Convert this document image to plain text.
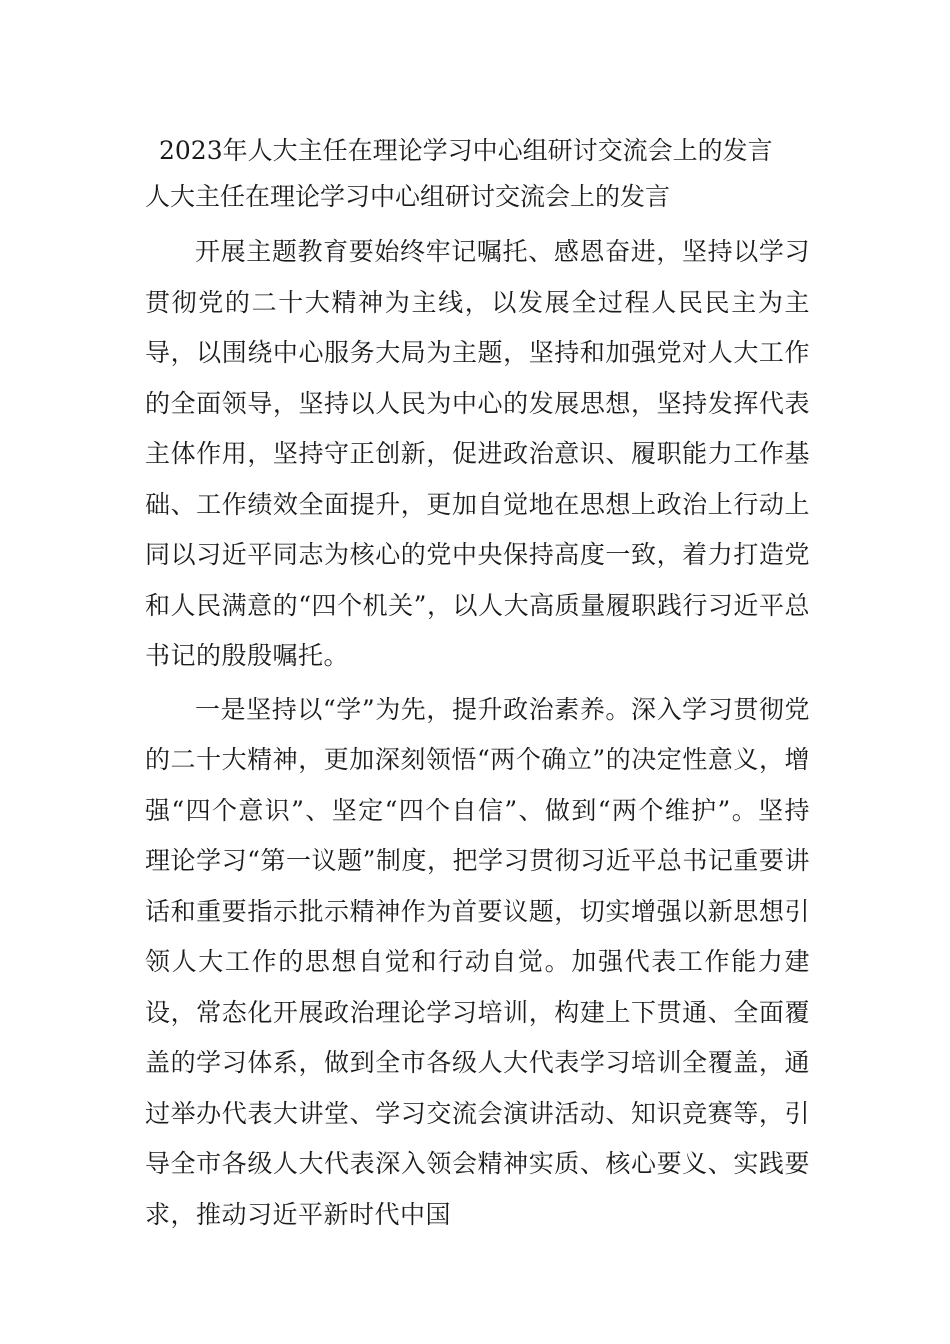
2023年人大主任在理论学习中心组研讨交流会上的发言
人大主任在理论学习中心组研讨交流会上的发言

开展主题教育要始终牢记嘱托、感恩奋进，坚持以学习贯彻党的二十大精神为主线，以发展全过程人民民主为主导，以围绕中心服务大局为主题，坚持和加强党对人大工作的全面领导，坚持以人民为中心的发展思想，坚持发挥代表主体作用，坚持守正创新，促进政治意识、履职能力工作基础、工作绩效全面提升，更加自觉地在思想上政治上行动上同以习近平同志为核心的党中央保持高度一致，着力打造党和人民满意的“四个机关”，以人大高质量履职践行习近平总书记的殷殷嘱托。

一是坚持以“学”为先，提升政治素养。深入学习贯彻党的二十大精神，更加深刻领悟“两个确立”的决定性意义，增强“四个意识”、坚定“四个自信”、做到“两个维护”。坚持理论学习“第一议题”制度，把学习贯彻习近平总书记重要讲话和重要指示批示精神作为首要议题，切实增强以新思想引领人大工作的思想自觉和行动自觉。加强代表工作能力建设，常态化开展政治理论学习培训，构建上下贯通、全面覆盖的学习体系，做到全市各级人大代表学习培训全覆盖，通过举办代表大讲堂、学习交流会演讲活动、知识竞赛等，引导全市各级人大代表深入领会精神实质、核心要义、实践要求，推动习近平新时代中国
